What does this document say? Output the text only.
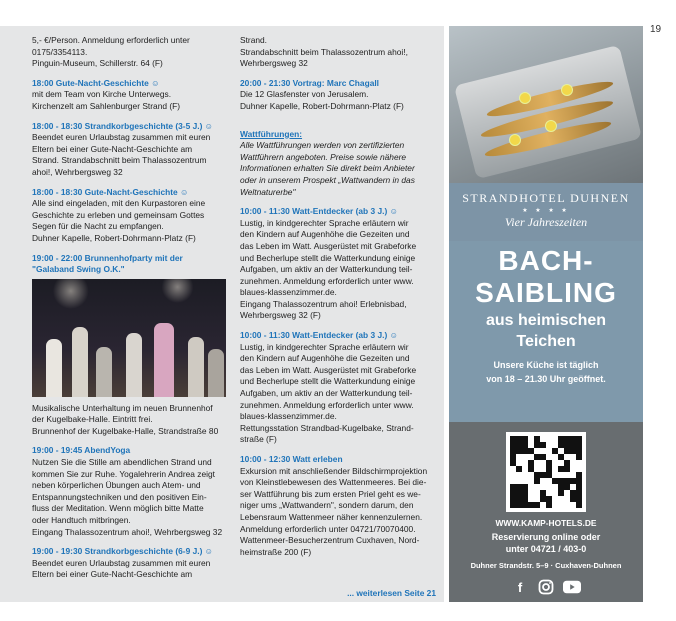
19
5,- €/Person. Anmeldung erforderlich unter
0175/3354113.
Pinguin-Museum, Schillerstr. 64 (F)
18:00 Gute-Nacht-Geschichte ☺
mit dem Team von Kirche Unterwegs.
Kirchenzelt am Sahlenburger Strand (F)
18:00 - 18:30 Strandkorbgeschichte (3-5 J.) ☺
Beendet euren Urlaubstag zusammen mit euren
Eltern bei einer Gute-Nacht-Geschichte am
Strand. Strandabschnitt beim Thalassozentrum
ahoi!, Wehrbergsweg 32
18:00 - 18:30 Gute-Nacht-Geschichte ☺
Alle sind eingeladen, mit den Kurpastoren eine
Geschichte zu erleben und gemeinsam Gottes
Segen für die Nacht zu empfangen.
Duhner Kapelle, Robert-Dohrmann-Platz (F)
19:00 - 22:00 Brunnenhofparty mit der "Galaband Swing O.K."
Musikalische Unterhaltung im neuen Brunnenhof
der Kugelbake-Halle. Eintritt frei.
Brunnenhof der Kugelbake-Halle, Strandstraße 80
19:00 - 19:45 AbendYoga
Nutzen Sie die Stille am abendlichen Strand und
kommen Sie zur Ruhe. Yogalehrerin Andrea zeigt
neben körperlichen Übungen auch Atem- und
Entspannungstechniken und den positiven Ein-
fluss der Meditation. Wenn möglich bitte Matte
oder Handtuch mitbringen.
Eingang Thalassozentrum ahoi!, Wehrbergsweg 32
19:00 - 19:30 Strandkorbgeschichte (6-9 J.) ☺
Beendet euren Urlaubstag zusammen mit euren
Eltern bei einer Gute-Nacht-Geschichte am
Strand.
Strandabschnitt beim Thalassozentrum ahoi!,
Wehrbergsweg 32
20:00 - 21:30 Vortrag: Marc Chagall
Die 12 Glasfenster von Jerusalem.
Duhner Kapelle, Robert-Dohrmann-Platz (F)
Wattführungen:
Alle Wattführungen werden von zertifizierten
Wattführern angeboten. Preise sowie nähere
Informationen erhalten Sie direkt beim Anbieter
oder in unserem Prospekt „Wattwandern in das
Weltnaturerbe"
10:00 - 11:30 Watt-Entdecker (ab 3 J.) ☺
Lustig, in kindgerechter Sprache erläutern wir
den Kindern auf Augenhöhe die Gezeiten und
das Leben im Watt. Ausgerüstet mit Grabeforke
und Becherlupe stellt die Watterkundung einige
Aufgaben, um aktiv an der Watterkundung teil-
zunehmen. Anmeldung erforderlich unter www.
blaues-klassenzimmer.de.
Eingang Thalassozentrum ahoi! Erlebnisbad,
Wehrbergsweg 32 (F)
10:00 - 11:30 Watt-Entdecker (ab 3 J.) ☺
Lustig, in kindgerechter Sprache erläutern wir
den Kindern auf Augenhöhe die Gezeiten und
das Leben im Watt. Ausgerüstet mit Grabeforke
und Becherlupe stellt die Watterkundung einige
Aufgaben, um aktiv an der Watterkundung teil-
zunehmen. Anmeldung erforderlich unter www.
blaues-klassenzimmer.de.
Rettungsstation Strandbad-Kugelbake, Strand-
straße (F)
10:00 - 12:30 Watt erleben
Exkursion mit anschließender Bildschirmprojektion
von Kleinstlebewesen des Wattenmeeres. Bei die-
ser Wattführung bis zum ersten Priel geht es we-
niger ums „Wattwandern", sondern darum, den
Lebensraum Wattenmeer näher kennenzulernen.
Anmeldung erforderlich unter 04721/70070400.
Wattenmeer-Besucherzentrum Cuxhaven, Nord-
heimstraße 200 (F)
... weiterlesen Seite 21
STRANDHOTEL DUHNEN
★ ★ ★ ★
Vier Jahreszeiten
BACH-
SAIBLING
aus heimischen
Teichen
Unsere Küche ist täglich
von 18 – 21.30 Uhr geöffnet.
WWW.KAMP-HOTELS.DE
Reservierung online oder
unter 04721 / 403-0
Duhner Strandstr. 5–9 · Cuxhaven-Duhnen
f
